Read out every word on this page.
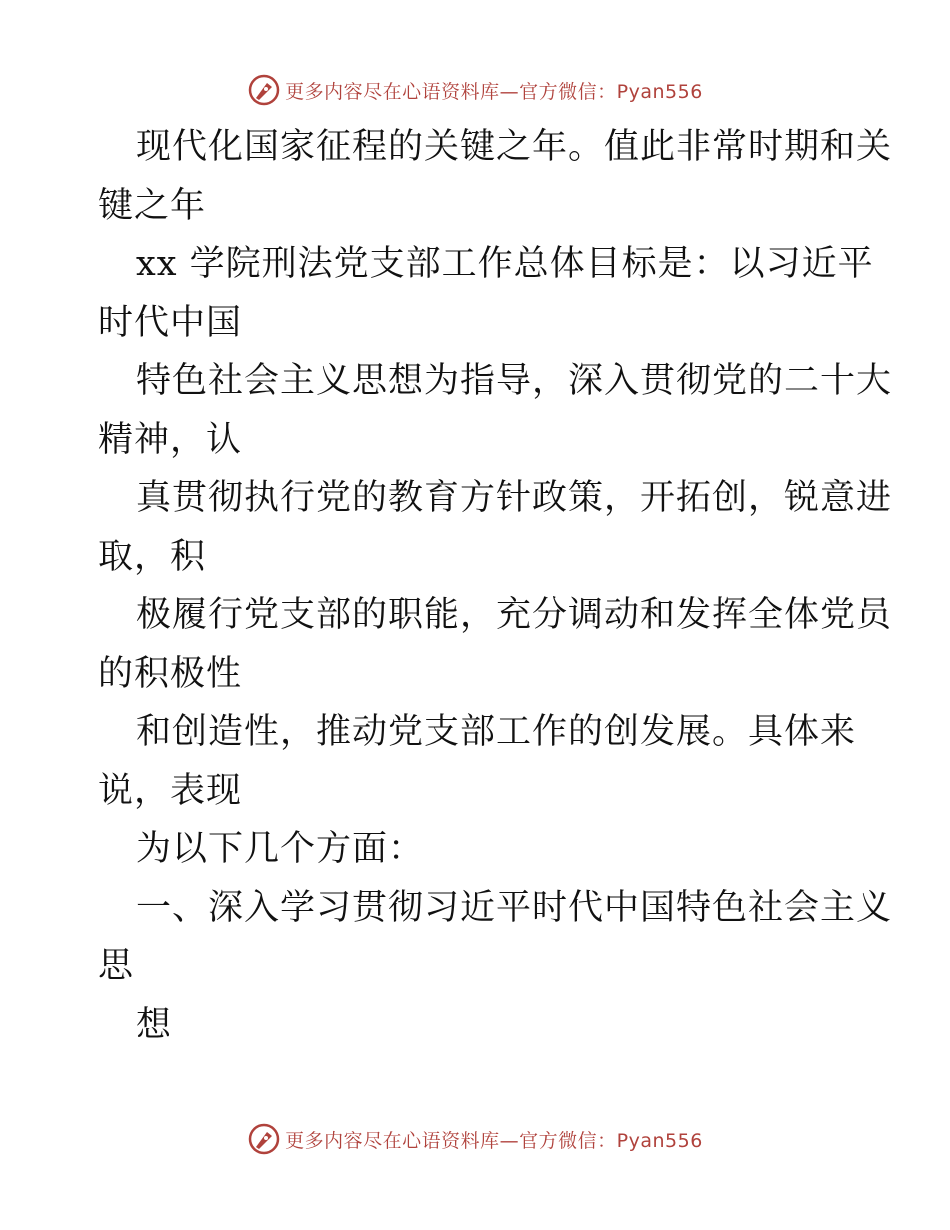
更多内容尽在心语资料库—官方微信：Pyan556
现代化国家征程的关键之年。值此非常时期和关
键之年
xx 学院刑法党支部工作总体目标是：以习近平
时代中国
特色社会主义思想为指导，深入贯彻党的二十大
精神，认
真贯彻执行党的教育方针政策，开拓创，锐意进
取，积
极履行党支部的职能，充分调动和发挥全体党员
的积极性
和创造性，推动党支部工作的创发展。具体来
说，表现
为以下几个方面：
一、深入学习贯彻习近平时代中国特色社会主义
思
想
更多内容尽在心语资料库—官方微信：Pyan556
